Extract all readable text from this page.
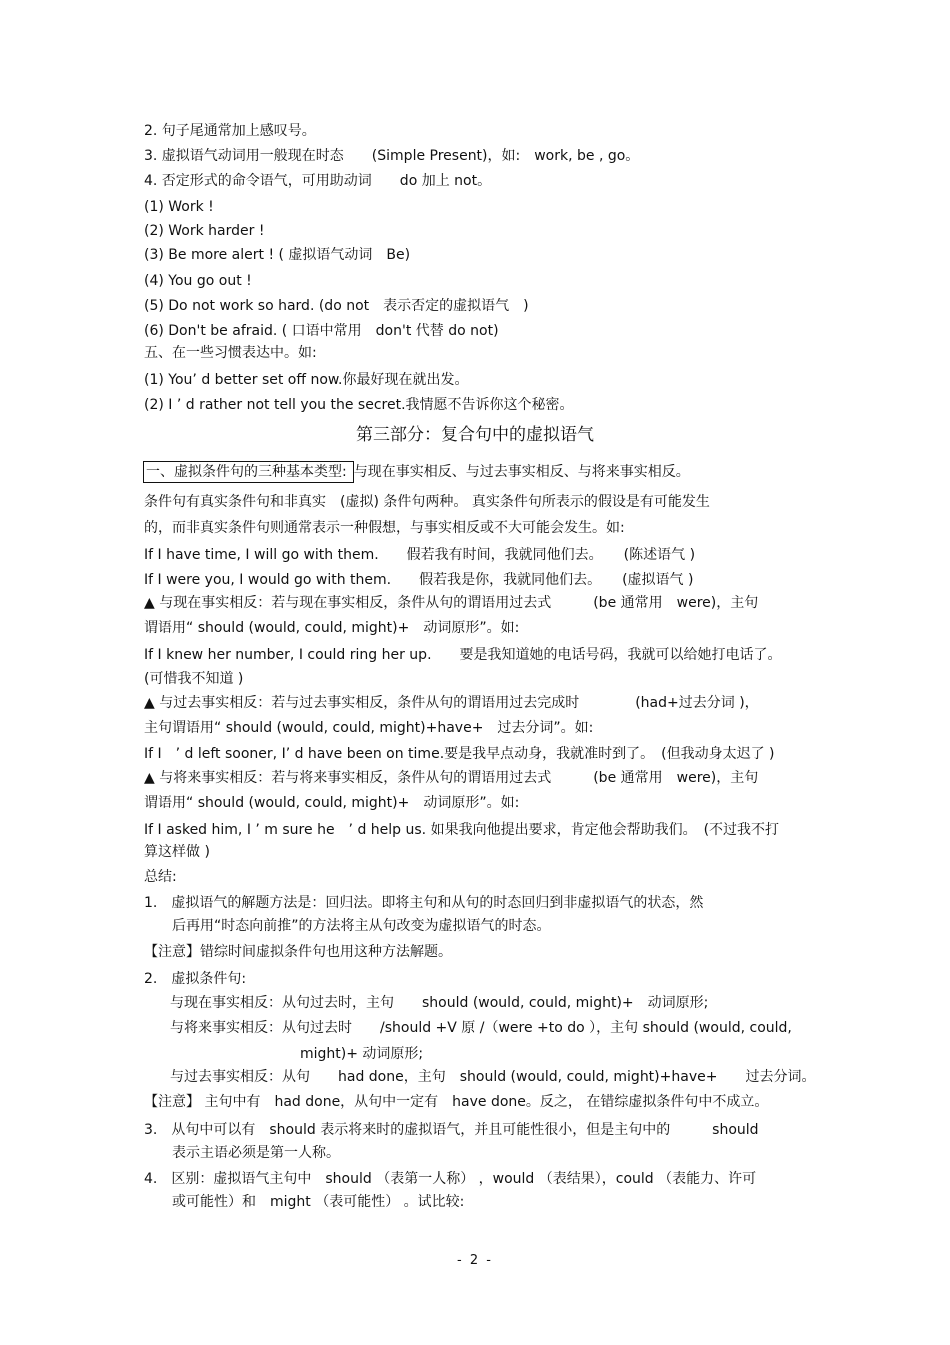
2. 句子尾通常加上感叹号。
3. 虚拟语气动词用一般现在时态　　(Simple Present)，如:　work, be , go。
4. 否定形式的命令语气，可用助动词　　do 加上 not。
(1) Work !
(2) Work harder !
(3) Be more alert ! ( 虚拟语气动词　Be)
(4) You go out !
(5) Do not work so hard. (do not　表示否定的虚拟语气　)
(6) Don't be afraid. ( 口语中常用　don't 代替 do not)
五、在一些习惯表达中。如:
(1) You’ d better set off now.你最好现在就出发。
(2) I ’ d rather not tell you the secret.我情愿不告诉你这个秘密。
第三部分：复合句中的虚拟语气
一、虚拟条件句的三种基本类型: 与现在事实相反、与过去事实相反、与将来事实相反。
条件句有真实条件句和非真实　(虚拟) 条件句两种。 真实条件句所表示的假设是有可能发生
的，而非真实条件句则通常表示一种假想，与事实相反或不大可能会发生。如:
If I have time, I will go with them.　　假若我有时间，我就同他们去。　　(陈述语气 )
If I were you, I would go with them.　　假若我是你，我就同他们去。　　(虚拟语气 )
▲ 与现在事实相反：若与现在事实相反，条件从句的谓语用过去式　　　(be 通常用　were)，主句
谓语用“ should (would, could, might)+　动词原形”。如:
If I knew her number, I could ring her up.　　要是我知道她的电话号码，我就可以给她打电话了。
(可惜我不知道 )
▲ 与过去事实相反：若与过去事实相反，条件从句的谓语用过去完成时　　　　(had+过去分词 )，
主句谓语用“ should (would, could, might)+have+　过去分词”。如:
If I　’ d left sooner, I’ d have been on time.要是我早点动身，我就准时到了。　(但我动身太迟了 )
▲ 与将来事实相反：若与将来事实相反，条件从句的谓语用过去式　　　(be 通常用　were)，主句
谓语用“ should (would, could, might)+　动词原形”。如:
If I asked him, I ’ m sure he　’ d help us. 如果我向他提出要求，肯定他会帮助我们。　(不过我不打
算这样做 )
总结:
1.　虚拟语气的解题方法是：回归法。即将主句和从句的时态回归到非虚拟语气的状态，然
后再用“时态向前推”的方法将主从句改变为虚拟语气的时态。
【注意】错综时间虚拟条件句也用这种方法解题。
2.　虚拟条件句:
与现在事实相反：从句过去时，主句　　should (would, could, might)+　动词原形;
与将来事实相反：从句过去时　　/should +V 原 /（were +to do ），主句 should (would, could,
might)+ 动词原形;
与过去事实相反：从句　　had done，主句　should (would, could, might)+have+　　过去分词。
【注意】 主句中有　had done，从句中一定有　have done。反之， 在错综虚拟条件句中不成立。
3.　从句中可以有　should 表示将来时的虚拟语气，并且可能性很小，但是主句中的　　　should
表示主语必须是第一人称。
4.　区别：虚拟语气主句中　should （表第一人称） ，would （表结果），could （表能力、许可
或可能性）和　might （表可能性） 。试比较:
- 2 -
